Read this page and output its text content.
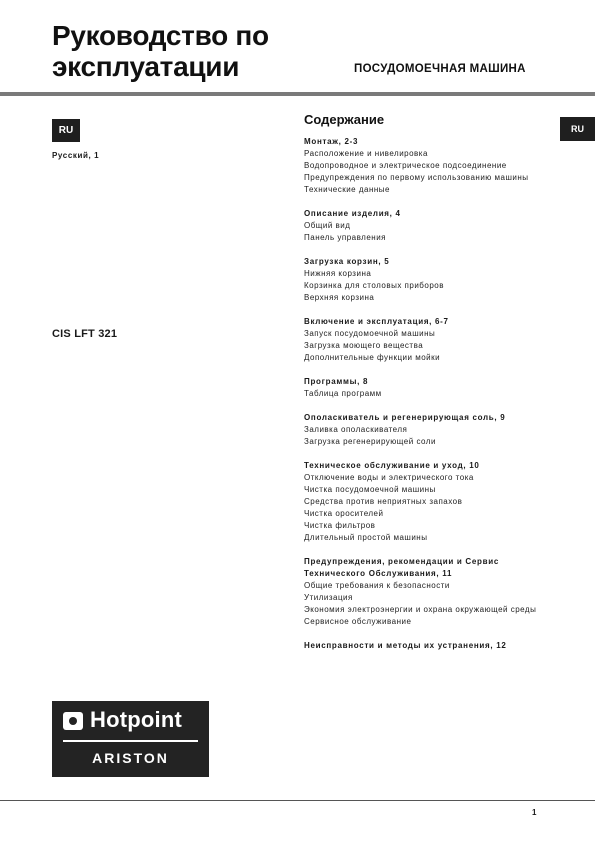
Руководство по
эксплуатации	ПОСУДОМОЕЧНАЯ МАШИНА
RU
Русский, 1
CIS LFT 321
RU
Содержание
Монтаж, 2-3
Расположение и нивелировка
Водопроводное и электрическое подсоединение
Предупреждения по первому использованию машины
Технические данные
Описание изделия, 4
Общий вид
Панель управления
Загрузка корзин, 5
Нижняя корзина
Корзинка для столовых приборов
Верхняя корзина
Включение и эксплуатация, 6-7
Запуск посудомоечной машины
Загрузка моющего вещества
Дополнительные функции мойки
Программы, 8
Таблица программ
Ополаскиватель и регенерирующая соль, 9
Заливка ополаскивателя
Загрузка регенерирующей соли
Техническое обслуживание и уход, 10
Отключение воды и электрического тока
Чистка посудомоечной машины
Средства против неприятных запахов
Чистка оросителей
Чистка фильтров
Длительный простой машины
Предупреждения, рекомендации и Сервис
Технического Обслуживания, 11
Общие требования к безопасности
Утилизация
Экономия электроэнергии и охрана окружающей среды
Сервисное обслуживание
Неисправности и методы их устранения, 12
Hotpoint
ARISTON
1
